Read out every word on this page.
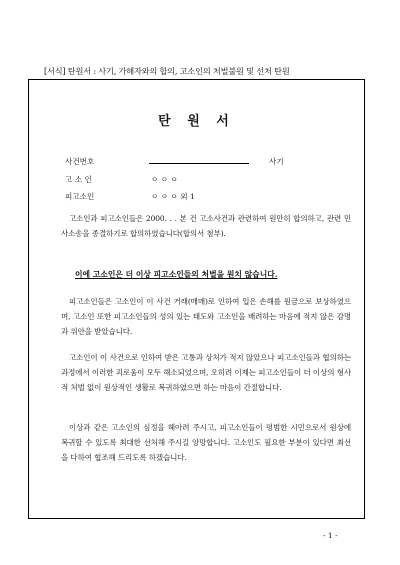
[서식] 탄원서 : 사기, 가해자와의 합의, 고소인의 처벌불원 및 선처 탄원
탄 원 서
사건번호	사기
고 소 인	ㅇ ㅇ ㅇ
피고소인	ㅇ ㅇ ㅇ 외 1
고소인과 피고소인들은 2000. . . 본 건 고소사건과 관련하여 원만히 합의하고, 관련 민사소송을 종결하기로 합의하였습니다(합의서 첨부).
이에 고소인은 더 이상 피고소인들의 처벌을 원치 않습니다.
피고소인들은 고소인이 이 사건 거래(매매)로 인하여 입은 손해를 원금으로 보상하였으며, 고소인 또한 피고소인들의 성의 있는 태도와 고소인을 배려하는 마음에 적지 않은 감명과 위안을 받았습니다.
고소인이 이 사건으로 인하여 받은 고통과 상처가 적지 않았으나 피고소인들과 협의하는 과정에서 이러한 괴로움이 모두 해소되었으며, 오히려 이제는 피고소인들이 더 이상의 형사적 처벌 없이 원상적인 생활로 복귀하였으면 하는 마음이 간절합니다.
이상과 같은 고소인의 심정을 헤아려 주시고, 피고소인들이 평범한 시민으로서 원상에 복귀할 수 있도록 최대한 선처해 주시길 앙망합니다. 고소인도 필요한 부분이 있다면 최선을 다하여 협조해 드리도록 하겠습니다.
- 1 -
